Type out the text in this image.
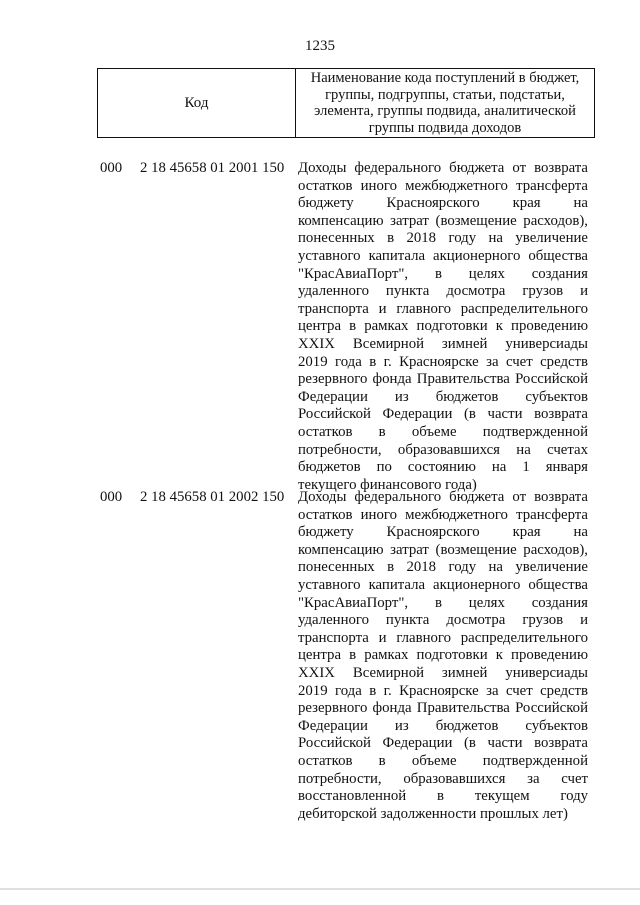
1235
Код
Наименование кода поступлений в бюджет, группы, подгруппы, статьи, подстатьи, элемента, группы подвида, аналитической группы подвида доходов
000 2 18 45658 01 2001 150 Доходы федерального бюджета от возврата
остатков иного межбюджетного трансферта
бюджету Красноярского края на
компенсацию затрат (возмещение расходов),
понесенных в 2018 году на увеличение
уставного капитала акционерного общества
"КрасАвиаПорт", в целях создания
удаленного пункта досмотра грузов и
транспорта и главного распределительного
центра в рамках подготовки к проведению
XXIX Всемирной зимней универсиады
2019 года в г. Красноярске за счет средств
резервного фонда Правительства Российской
Федерации из бюджетов субъектов
Российской Федерации (в части возврата
остатков в объеме подтвержденной
потребности, образовавшихся на счетах
бюджетов по состоянию на 1 января
текущего финансового года)
000 2 18 45658 01 2002 150 Доходы федерального бюджета от возврата
остатков иного межбюджетного трансферта
бюджету Красноярского края на
компенсацию затрат (возмещение расходов),
понесенных в 2018 году на увеличение
уставного капитала акционерного общества
"КрасАвиаПорт", в целях создания
удаленного пункта досмотра грузов и
транспорта и главного распределительного
центра в рамках подготовки к проведению
XXIX Всемирной зимней универсиады
2019 года в г. Красноярске за счет средств
резервного фонда Правительства Российской
Федерации из бюджетов субъектов
Российской Федерации (в части возврата
остатков в объеме подтвержденной
потребности, образовавшихся за счет
восстановленной в текущем году
дебиторской задолженности прошлых лет)
